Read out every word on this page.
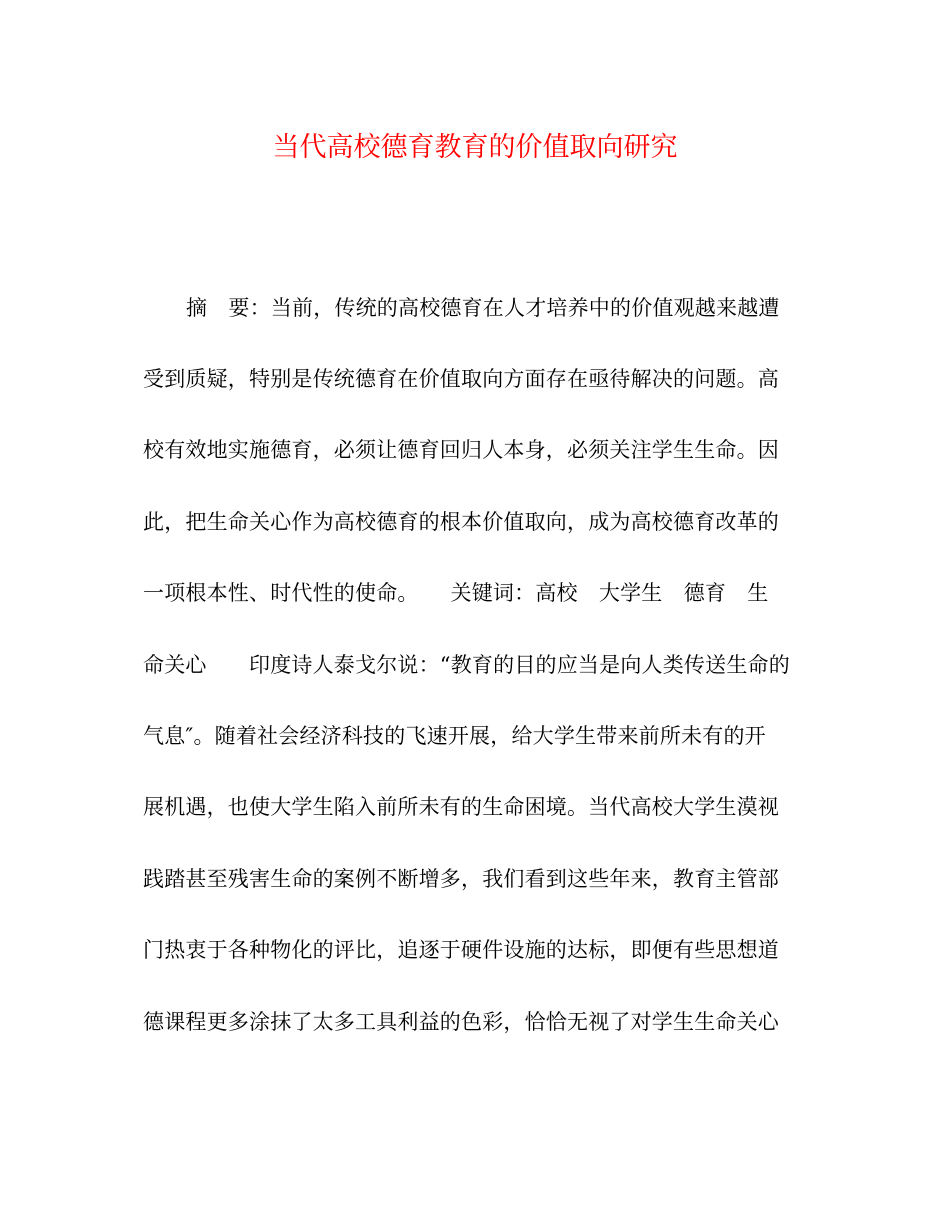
当代高校德育教育的价值取向研究
摘　要：当前，传统的高校德育在人才培养中的价值观越来越遭
受到质疑，特别是传统德育在价值取向方面存在亟待解决的问题。高
校有效地实施德育，必须让德育回归人本身，必须关注学生生命。因
此，把生命关心作为高校德育的根本价值取向，成为高校德育改革的
一项根本性、时代性的使命。　　关键词：高校　大学生　德育　生
命关心　　印度诗人泰戈尔说：“教育的目的应当是向人类传送生命的
气息″。随着社会经济科技的飞速开展，给大学生带来前所未有的开
展机遇，也使大学生陷入前所未有的生命困境。当代高校大学生漠视
践踏甚至残害生命的案例不断增多，我们看到这些年来，教育主管部
门热衷于各种物化的评比，追逐于硬件设施的达标，即便有些思想道
德课程更多涂抹了太多工具利益的色彩，恰恰无视了对学生生命关心
